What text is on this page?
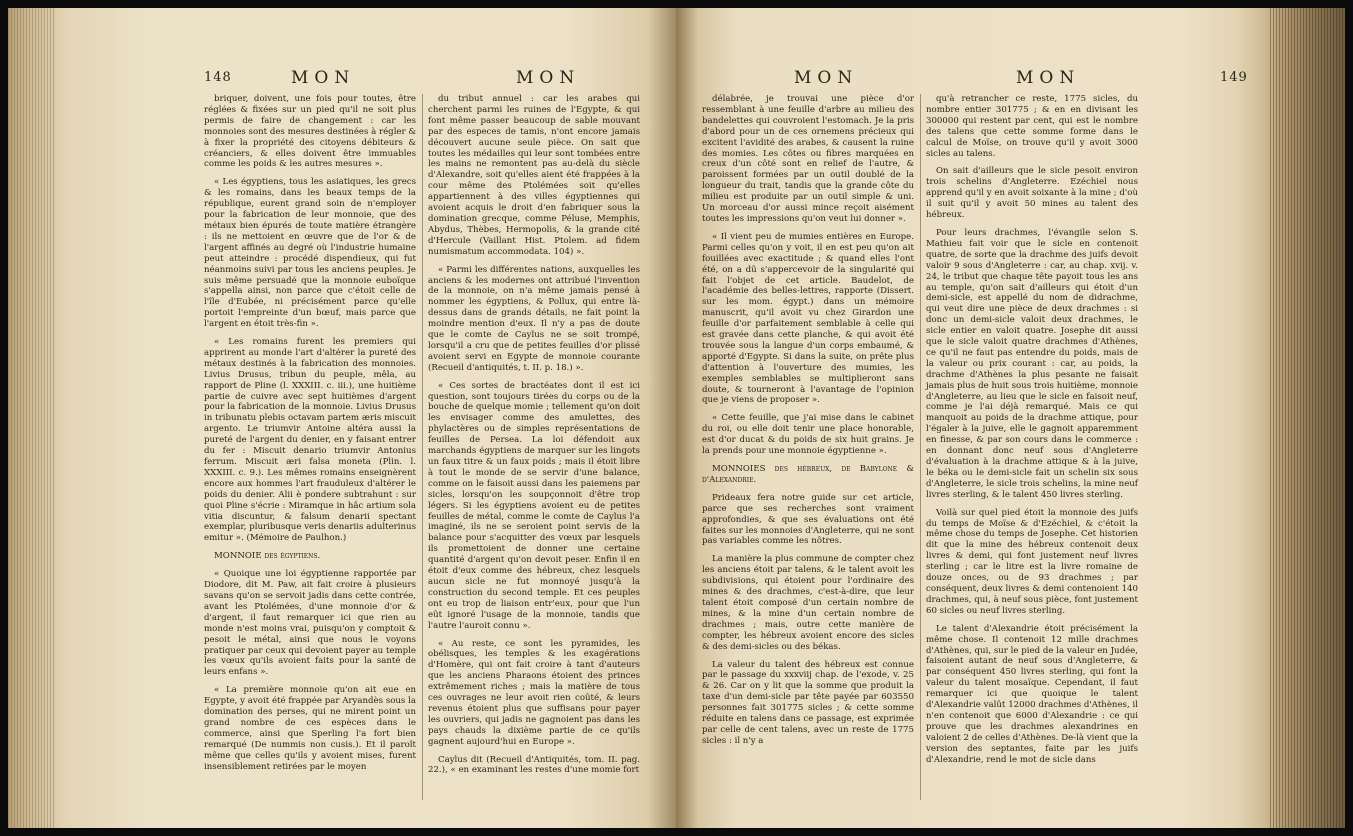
148	MON	MON

briquer, doivent, une fois pour toutes, être réglées & fixées sur un pied qu'il ne soit plus permis de faire de changement : car les monnoies sont des mesures destinées à régler & à fixer la propriété des citoyens débiteurs & créanciers, & elles doivent être immuables comme les poids & les autres mesures ».

« Les égyptiens, tous les asiatiques, les grecs & les romains, dans les beaux temps de la république, eurent grand soin de n'employer pour la fabrication de leur monnoie, que des métaux bien épurés de toute matière étrangère : ils ne mettoient en œuvre que de l'or & de l'argent affinés au degré où l'industrie humaine peut atteindre : procédé dispendieux, qui fut néanmoins suivi par tous les anciens peuples. Je suis même persuadé que la monnoie euboïque s'appella ainsi, non parce que c'étoit celle de l'île d'Eubée, ni précisément parce qu'elle portoit l'empreinte d'un bœuf, mais parce que l'argent en étoit très-fin ».

« Les romains furent les premiers qui apprirent au monde l'art d'altérer la pureté des métaux destinés à la fabrication des monnoies. Livius Drusus, tribun du peuple, mêla, au rapport de Pline (l. XXXIII. c. iii.), une huitième partie de cuivre avec sept huitièmes d'argent pour la fabrication de la monnoie. Livius Drusus in tribunatu plebis octavam partem æris miscuit argento. Le triumvir Antoine altéra aussi la pureté de l'argent du denier, en y faisant entrer du fer : Miscuit denario triumvir Antonius ferrum. Miscuit æri falsa moneta (Plin. l. XXXIII. c. 9.). Les mêmes romains enseignèrent encore aux hommes l'art frauduleux d'altérer le poids du denier. Alii è pondere subtrahunt : sur quoi Pline s'écrie : Miramque in hâc artium sola vitia discuntur, & falsum denarii spectant exemplar, pluribusque veris denariis adulterinus emitur ». (Mémoire de Paulhon.)

MONNOIE des égyptiens.

« Quoique une loi égyptienne rapportée par Diodore, dit M. Paw, ait fait croire à plusieurs savans qu'on se servoit jadis dans cette contrée, avant les Ptolémées, d'une monnoie d'or & d'argent, il faut remarquer ici que rien au monde n'est moins vrai, puisqu'on y comptoit & pesoit le métal, ainsi que nous le voyons pratiquer par ceux qui devoient payer au temple les vœux qu'ils avoient faits pour la santé de leurs enfans ».

« La première monnoie qu'on ait eue en Egypte, y avoit été frappée par Aryandès sous la domination des perses, qui ne mirent point un grand nombre de ces espèces dans le commerce, ainsi que Sperling l'a fort bien remarqué (De nummis non cusis.). Et il paroît même que celles qu'ils y avoient mises, furent insensiblement retirées par le moyen

du tribut annuel : car les arabes qui cherchent parmi les ruines de l'Egypte, & qui font même passer beaucoup de sable mouvant par des especes de tamis, n'ont encore jamais découvert aucune seule pièce. On sait que toutes les médailles qui leur sont tombées entre les mains ne remontent pas au-delà du siècle d'Alexandre, soit qu'elles aient été frappées à la cour même des Ptolémées soit qu'elles appartiennent à des villes égyptiennes qui avoient acquis le droit d'en fabriquer sous la domination grecque, comme Péluse, Memphis, Abydus, Thèbes, Hermopolis, & la grande cité d'Hercule (Vaillant Hist. Ptolem. ad fidem numismatum accommodata. 104) ».

« Parmi les différentes nations, auxquelles les anciens & les modernes ont attribué l'invention de la monnoie, on n'a même jamais pensé à nommer les égyptiens, & Pollux, qui entre là-dessus dans de grands détails, ne fait point la moindre mention d'eux. Il n'y a pas de doute que le comte de Caylus ne se soit trompé, lorsqu'il a cru que de petites feuilles d'or plissé avoient servi en Egypte de monnoie courante (Recueil d'antiquités, t. II. p. 18.) ».

« Ces sortes de bractéates dont il est ici question, sont toujours tirées du corps ou de la bouche de quelque momie ; tellement qu'on doit les envisager comme des amulettes, des phylactères ou de simples représentations de feuilles de Persea. La loi défendoit aux marchands égyptiens de marquer sur les lingots un faux titre & un faux poids ; mais il étoit libre à tout le monde de se servir d'une balance, comme on le faisoit aussi dans les paiemens par sicles, lorsqu'on les soupçonnoit d'être trop légers. Si les égyptiens avoient eu de petites feuilles de métal, comme le comte de Caylus l'a imaginé, ils ne se seroient point servis de la balance pour s'acquitter des vœux par lesquels ils promettoient de donner une certaine quantité d'argent qu'on devoit peser. Enfin il en étoit d'eux comme des hébreux, chez lesquels aucun sicle ne fut monnoyé jusqu'à la construction du second temple. Et ces peuples ont eu trop de liaison entr'eux, pour que l'un eût ignoré l'usage de la monnoie, tandis que l'autre l'auroit connu ».

« Au reste, ce sont les pyramides, les obélisques, les temples & les exagérations d'Homère, qui ont fait croire à tant d'auteurs que les anciens Pharaons étoient des princes extrêmement riches ; mais la matière de tous ces ouvrages ne leur avoit rien coûté, & leurs revenus étoient plus que suffisans pour payer les ouvriers, qui jadis ne gagnoient pas dans les pays chauds la dixième partie de ce qu'ils gagnent aujourd'hui en Europe ».

Caylus dit (Recueil d'Antiquités, tom. II. pag. 22.), « en examinant les restes d'une momie fort

MON	MON	149

délabrée, je trouvai une pièce d'or ressemblant à une feuille d'arbre au milieu des bandelettes qui couvroient l'estomach. Je la pris d'abord pour un de ces ornemens précieux qui excitent l'avidité des arabes, & causent la ruine des momies. Les côtes ou fibres marquées en creux d'un côté sont en relief de l'autre, & paroissent formées par un outil doublé de la longueur du trait, tandis que la grande côte du milieu est produite par un outil simple & uni. Un morceau d'or aussi mince reçoit aisément toutes les impressions qu'on veut lui donner ».

« Il vient peu de mumies entières en Europe. Parmi celles qu'on y voit, il en est peu qu'on ait fouillées avec exactitude ; & quand elles l'ont été, on a dû s'appercevoir de la singularité qui fait l'objet de cet article. Baudelot, de l'académie des belles-lettres, rapporte (Dissert. sur les mom. égypt.) dans un mémoire manuscrit, qu'il avoit vu chez Girardon une feuille d'or parfaitement semblable à celle qui est gravée dans cette planche, & qui avoit été trouvée sous la langue d'un corps embaumé, & apporté d'Egypte. Si dans la suite, on prête plus d'attention à l'ouverture des mumies, les exemples semblables se multiplieront sans doute, & tourneront à l'avantage de l'opinion que je viens de proposer ».

« Cette feuille, que j'ai mise dans le cabinet du roi, ou elle doit tenir une place honorable, est d'or ducat & du poids de six huit grains. Je la prends pour une monnoie égyptienne ».

MONNOIES des hébreux, de Babylone & d'Alexandrie.

Prideaux fera notre guide sur cet article, parce que ses recherches sont vraiment approfondies, & que ses évaluations ont été faites sur les monnoies d'Angleterre, qui ne sont pas variables comme les nôtres.

La manière la plus commune de compter chez les anciens étoit par talens, & le talent avoit les subdivisions, qui étoient pour l'ordinaire des mines & des drachmes, c'est-à-dire, que leur talent étoit composé d'un certain nombre de mines, & la mine d'un certain nombre de drachmes ; mais, outre cette manière de compter, les hébreux avoient encore des sicles & des demi-sicles ou des békas.

La valeur du talent des hébreux est connue par le passage du xxxviij chap. de l'exode, v. 25 & 26. Car on y lit que la somme que produit la taxe d'un demi-sicle par tête payée par 603550 personnes fait 301775 sicles ; & cette somme réduite en talens dans ce passage, est exprimée par celle de cent talens, avec un reste de 1775 sicles : il n'y a

qu'à retrancher ce reste, 1775 sicles, du nombre entier 301775 ; & en en divisant les 300000 qui restent par cent, qui est le nombre des talens que cette somme forme dans le calcul de Moïse, on trouve qu'il y avoit 3000 sicles au talens.

On sait d'ailleurs que le sicle pesoit environ trois schelins d'Angleterre. Ezéchiel nous apprend qu'il y en avoit soixante à la mine ; d'où il suit qu'il y avoit 50 mines au talent des hébreux.

Pour leurs drachmes, l'évangile selon S. Mathieu fait voir que le sicle en contenoit quatre, de sorte que la drachme des juifs devoit valoir 9 sous d'Angleterre : car, au chap. xvij. v. 24, le tribut que chaque tête payoit tous les ans au temple, qu'on sait d'ailleurs qui étoit d'un demi-sicle, est appellé du nom de didrachme, qui veut dire une pièce de deux drachmes : si donc un demi-sicle valoit deux drachmes, le sicle entier en valoit quatre. Josephe dit aussi que le sicle valoit quatre drachmes d'Athènes, ce qu'il ne faut pas entendre du poids, mais de la valeur ou prix courant : car, au poids, la drachme d'Athènes la plus pesante ne faisait jamais plus de huit sous trois huitième, monnoie d'Angleterre, au lieu que le sicle en faisoit neuf, comme je l'ai déjà remarqué. Mais ce qui manquoit au poids de la drachme attique, pour l'égaler à la juive, elle le gagnoit apparemment en finesse, & par son cours dans le commerce : en donnant donc neuf sous d'Angleterre d'évaluation à la drachme attique & à la juive, le béka ou le demi-sicle fait un schelin six sous d'Angleterre, le sicle trois schelins, la mine neuf livres sterling, & le talent 450 livres sterling.

Voilà sur quel pied étoit la monnoie des juifs du temps de Moïse & d'Ezéchiel, & c'étoit la même chose du temps de Josephe. Cet historien dit que la mine des hébreux contenoit deux livres & demi, qui font justement neuf livres sterling ; car le litre est la livre romaine de douze onces, ou de 93 drachmes ; par conséquent, deux livres & demi contenoient 140 drachmes, qui, à neuf sous pièce, font justement 60 sicles ou neuf livres sterling.

Le talent d'Alexandrie étoit précisément la même chose. Il contenoit 12 mille drachmes d'Athènes, qui, sur le pied de la valeur en Judée, faisoient autant de neuf sous d'Angleterre, & par conséquent 450 livres sterling, qui font la valeur du talent mosaïque. Cependant, il faut remarquer ici que quoique le talent d'Alexandrie valût 12000 drachmes d'Athènes, il n'en contenoit que 6000 d'Alexandrie : ce qui prouve que les drachmes alexandrines en valoient 2 de celles d'Athènes. De-là vient que la version des septantes, faite par les juifs d'Alexandrie, rend le mot de sicle dans
